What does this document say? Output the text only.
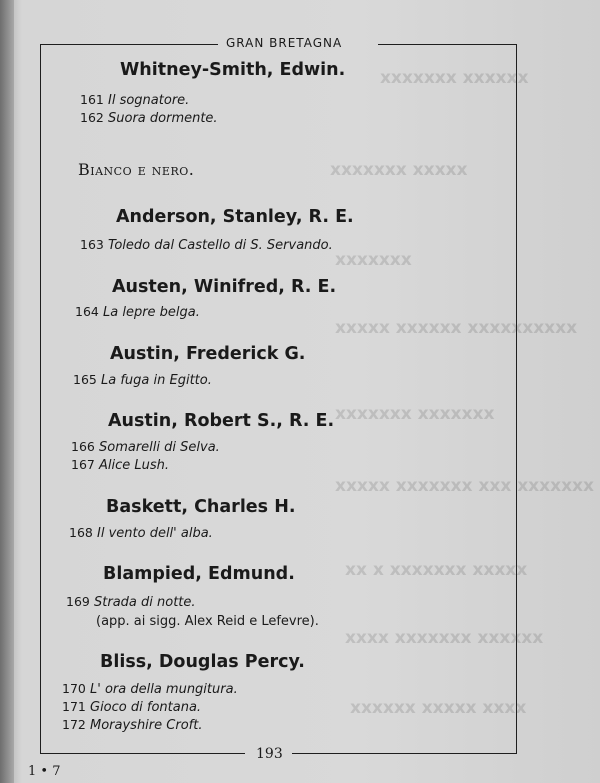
xxxxxx xxxxxxx
xxxxx xxxxxxx
xxxxxxx
xxxxxxxxxx xxxxxx xxxxx
xxxxxxx xxxxxxx
xxxxxxx xxx xxxxxxx xxxxx
xxxxx xxxxxxx x xx
xxxxxx xxxxxxx xxxx
xxxx xxxxx xxxxxx
GRAN BRETAGNA
193
1 • 7
Whitney-Smith, Edwin.
161 Il sognatore.
162 Suora dormente.
Bianco e nero.
Anderson, Stanley, R. E.
163 Toledo dal Castello di S. Servando.
Austen, Winifred, R. E.
164 La lepre belga.
Austin, Frederick G.
165 La fuga in Egitto.
Austin, Robert S., R. E.
166 Somarelli di Selva.
167 Alice Lush.
Baskett, Charles H.
168 Il vento dell' alba.
Blampied, Edmund.
169 Strada di notte.
(app. ai sigg. Alex Reid e Lefevre).
Bliss, Douglas Percy.
170 L' ora della mungitura.
171 Gioco di fontana.
172 Morayshire Croft.
